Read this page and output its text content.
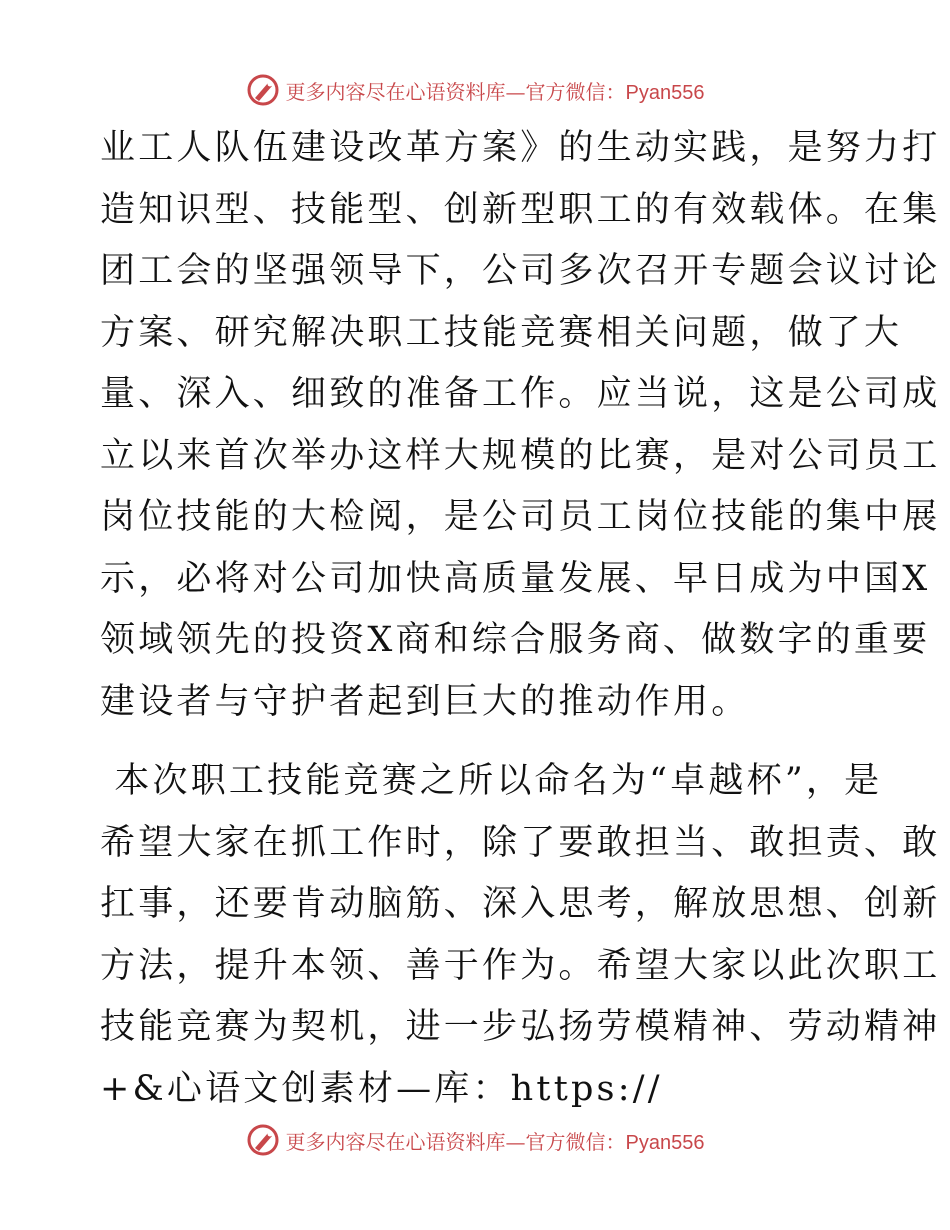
更多内容尽在心语资料库—官方微信：Pyan556
业工人队伍建设改革方案》的生动实践，是努力打
造知识型、技能型、创新型职工的有效载体。在集
团工会的坚强领导下，公司多次召开专题会议讨论
方案、研究解决职工技能竞赛相关问题，做了大
量、深入、细致的准备工作。应当说，这是公司成
立以来首次举办这样大规模的比赛，是对公司员工
岗位技能的大检阅，是公司员工岗位技能的集中展
示，必将对公司加快高质量发展、早日成为中国X
领域领先的投资X商和综合服务商、做数字的重要
建设者与守护者起到巨大的推动作用。
本次职工技能竞赛之所以命名为“卓越杯”，是
希望大家在抓工作时，除了要敢担当、敢担责、敢
扛事，还要肯动脑筋、深入思考，解放思想、创新
方法，提升本领、善于作为。希望大家以此次职工
技能竞赛为契机，进一步弘扬劳模精神、劳动精神
+&心语文创素材—库：https://
更多内容尽在心语资料库—官方微信：Pyan556
